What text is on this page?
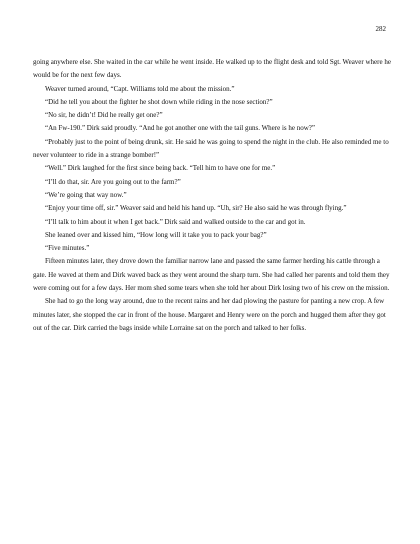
282

going anywhere else. She waited in the car while he went inside. He walked up to the flight desk and told Sgt. Weaver where he would be for the next few days.

Weaver turned around, “Capt. Williams told me about the mission.”

“Did he tell you about the fighter he shot down while riding in the nose section?”

“No sir, he didn’t! Did he really get one?”

“An Fw-190.” Dirk said proudly. “And he got another one with the tail guns. Where is he now?”

“Probably just to the point of being drunk, sir. He said he was going to spend the night in the club. He also reminded me to never volunteer to ride in a strange bomber!”

“Well.” Dirk laughed for the first since being back. “Tell him to have one for me.”

“I’ll do that, sir. Are you going out to the farm?”

“We’re going that way now.”

“Enjoy your time off, sir.” Weaver said and held his hand up. “Uh, sir? He also said he was through flying.”

“I’ll talk to him about it when I get back.” Dirk said and walked outside to the car and got in.

She leaned over and kissed him, “How long will it take you to pack your bag?”

“Five minutes.”

Fifteen minutes later, they drove down the familiar narrow lane and passed the same farmer herding his cattle through a gate. He waved at them and Dirk waved back as they went around the sharp turn. She had called her parents and told them they were coming out for a few days. Her mom shed some tears when she told her about Dirk losing two of his crew on the mission.

She had to go the long way around, due to the recent rains and her dad plowing the pasture for panting a new crop. A few minutes later, she stopped the car in front of the house. Margaret and Henry were on the porch and hugged them after they got out of the car. Dirk carried the bags inside while Lorraine sat on the porch and talked to her folks.
